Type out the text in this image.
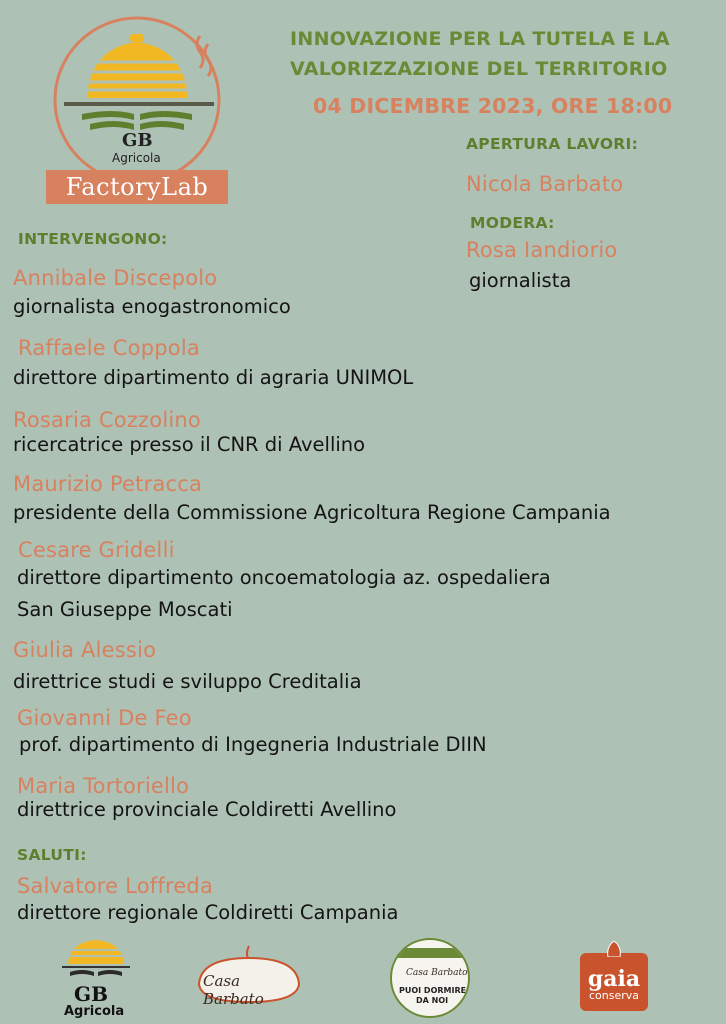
GB
Agricola
FactoryLab
INNOVAZIONE PER LA TUTELA E LA
VALORIZZAZIONE DEL TERRITORIO
04 DICEMBRE 2023, ORE 18:00
APERTURA LAVORI:
Nicola Barbato
MODERA:
Rosa Iandiorio
giornalista
INTERVENGONO:
Annibale Discepolo
giornalista enogastronomico
Raffaele Coppola
direttore dipartimento di agraria UNIMOL
Rosaria Cozzolino
ricercatrice presso il CNR di Avellino
Maurizio Petracca
presidente della Commissione Agricoltura Regione Campania
Cesare Gridelli
direttore dipartimento oncoematologia az. ospedaliera
San Giuseppe Moscati
Giulia Alessio
direttrice studi e sviluppo Creditalia
Giovanni De Feo
prof. dipartimento di Ingegneria Industriale DIIN
Maria Tortoriello
direttrice provinciale Coldiretti Avellino
SALUTI:
Salvatore Loffreda
direttore regionale Coldiretti Campania
GB
Agricola
Casa Barbato
Casa Barbato
PUOI DORMIRE
DA NOI
gaia
conserva
